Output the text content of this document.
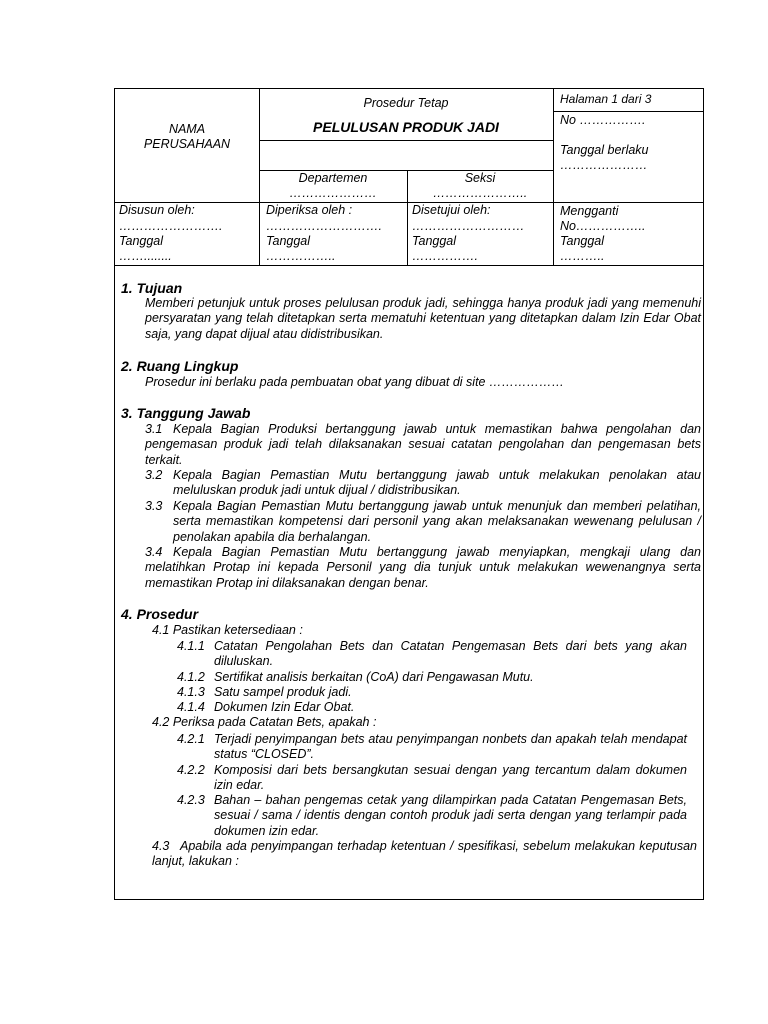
NAMA
PERUSAHAAN
Prosedur Tetap
PELULUSAN PRODUK JADI
Halaman 1 dari 3
No …………….
Tanggal berlaku
…………………
Departemen
…………………
Seksi
…………………..
Disusun oleh:
…………………….
Tanggal
……........
Diperiksa oleh :
……………………….
Tanggal
……………..
Disetujui oleh:
………………………
Tanggal
…………….
Mengganti
No……………..
Tanggal
………..
1. Tujuan
Memberi petunjuk untuk proses pelulusan produk jadi, sehingga hanya produk jadi yang memenuhi persyaratan yang telah ditetapkan serta mematuhi ketentuan yang ditetapkan dalam Izin Edar Obat saja, yang dapat dijual atau didistribusikan.
2. Ruang Lingkup
Prosedur ini berlaku pada pembuatan obat yang dibuat di site ………………
3. Tanggung Jawab
3.1 Kepala Bagian Produksi bertanggung jawab untuk memastikan bahwa pengolahan dan pengemasan produk jadi telah dilaksanakan sesuai catatan pengolahan dan pengemasan bets terkait.
3.2 Kepala Bagian Pemastian Mutu bertanggung jawab untuk melakukan penolakan atau meluluskan produk jadi untuk dijual / didistribusikan.
3.3 Kepala Bagian Pemastian Mutu bertanggung jawab untuk menunjuk dan memberi pelatihan, serta memastikan kompetensi dari personil yang akan melaksanakan wewenang pelulusan / penolakan apabila dia berhalangan.
3.4 Kepala Bagian Pemastian Mutu bertanggung jawab menyiapkan, mengkaji ulang dan melatihkan Protap ini kepada Personil yang dia tunjuk untuk melakukan wewenangnya serta memastikan Protap ini dilaksanakan dengan benar.
4. Prosedur
4.1 Pastikan ketersediaan :
4.1.1 Catatan Pengolahan Bets dan Catatan Pengemasan Bets dari bets yang akan diluluskan.
4.1.2 Sertifikat analisis berkaitan (CoA) dari Pengawasan Mutu.
4.1.3 Satu sampel produk jadi.
4.1.4 Dokumen Izin Edar Obat.
4.2 Periksa pada Catatan Bets, apakah :
4.2.1 Terjadi penyimpangan bets atau penyimpangan nonbets dan apakah telah mendapat status “CLOSED”.
4.2.2 Komposisi dari bets bersangkutan sesuai dengan yang tercantum dalam dokumen izin edar.
4.2.3 Bahan – bahan pengemas cetak yang dilampirkan pada Catatan Pengemasan Bets, sesuai / sama / identis dengan contoh produk jadi serta dengan yang terlampir pada dokumen izin edar.
4.3 Apabila ada penyimpangan terhadap ketentuan / spesifikasi, sebelum melakukan keputusan lanjut, lakukan :
